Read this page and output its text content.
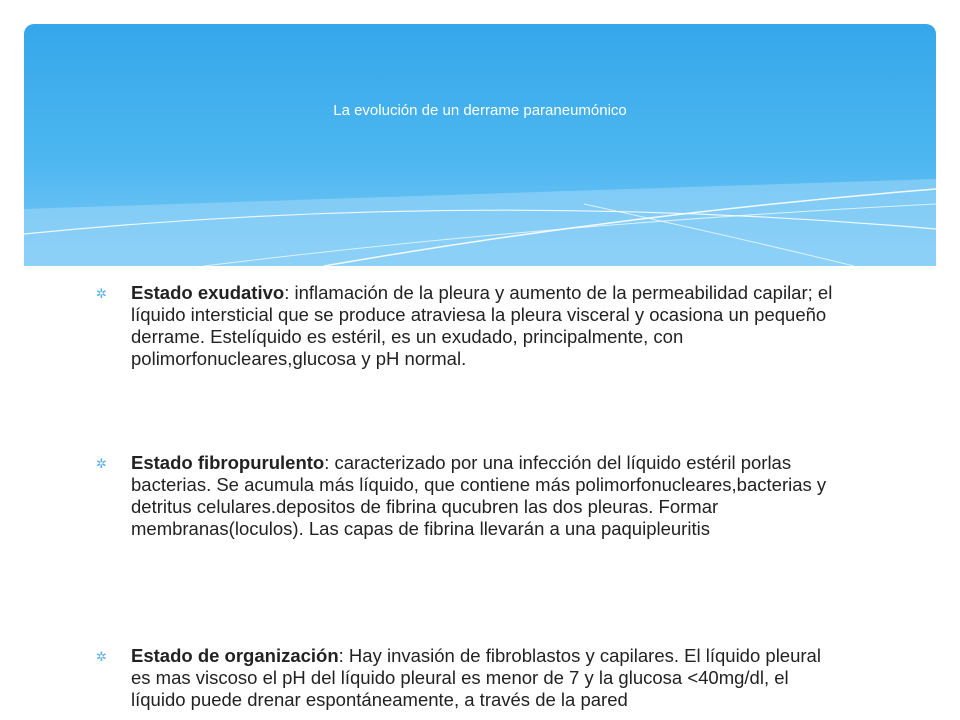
La evolución de un derrame paraneumónico
✲ Estado exudativo: inflamación de la pleura y aumento de la permeabilidad capilar; el líquido intersticial que se produce atraviesa la pleura visceral y ocasiona un pequeño derrame. Estelíquido es estéril, es un exudado, principalmente, con polimorfonucleares,glucosa y pH normal.
✲ Estado fibropurulento: caracterizado por una infección del líquido estéril porlas bacterias. Se acumula más líquido, que contiene más polimorfonucleares,bacterias y detritus celulares.depositos de fibrina qucubren las dos pleuras. Formar membranas(loculos). Las capas de fibrina llevarán a una paquipleuritis
✲ Estado de organización: Hay invasión de fibroblastos y capilares. El líquido pleural es mas viscoso el pH del líquido pleural es menor de 7 y la glucosa <40mg/dl, el líquido puede drenar espontáneamente, a través de la pared
